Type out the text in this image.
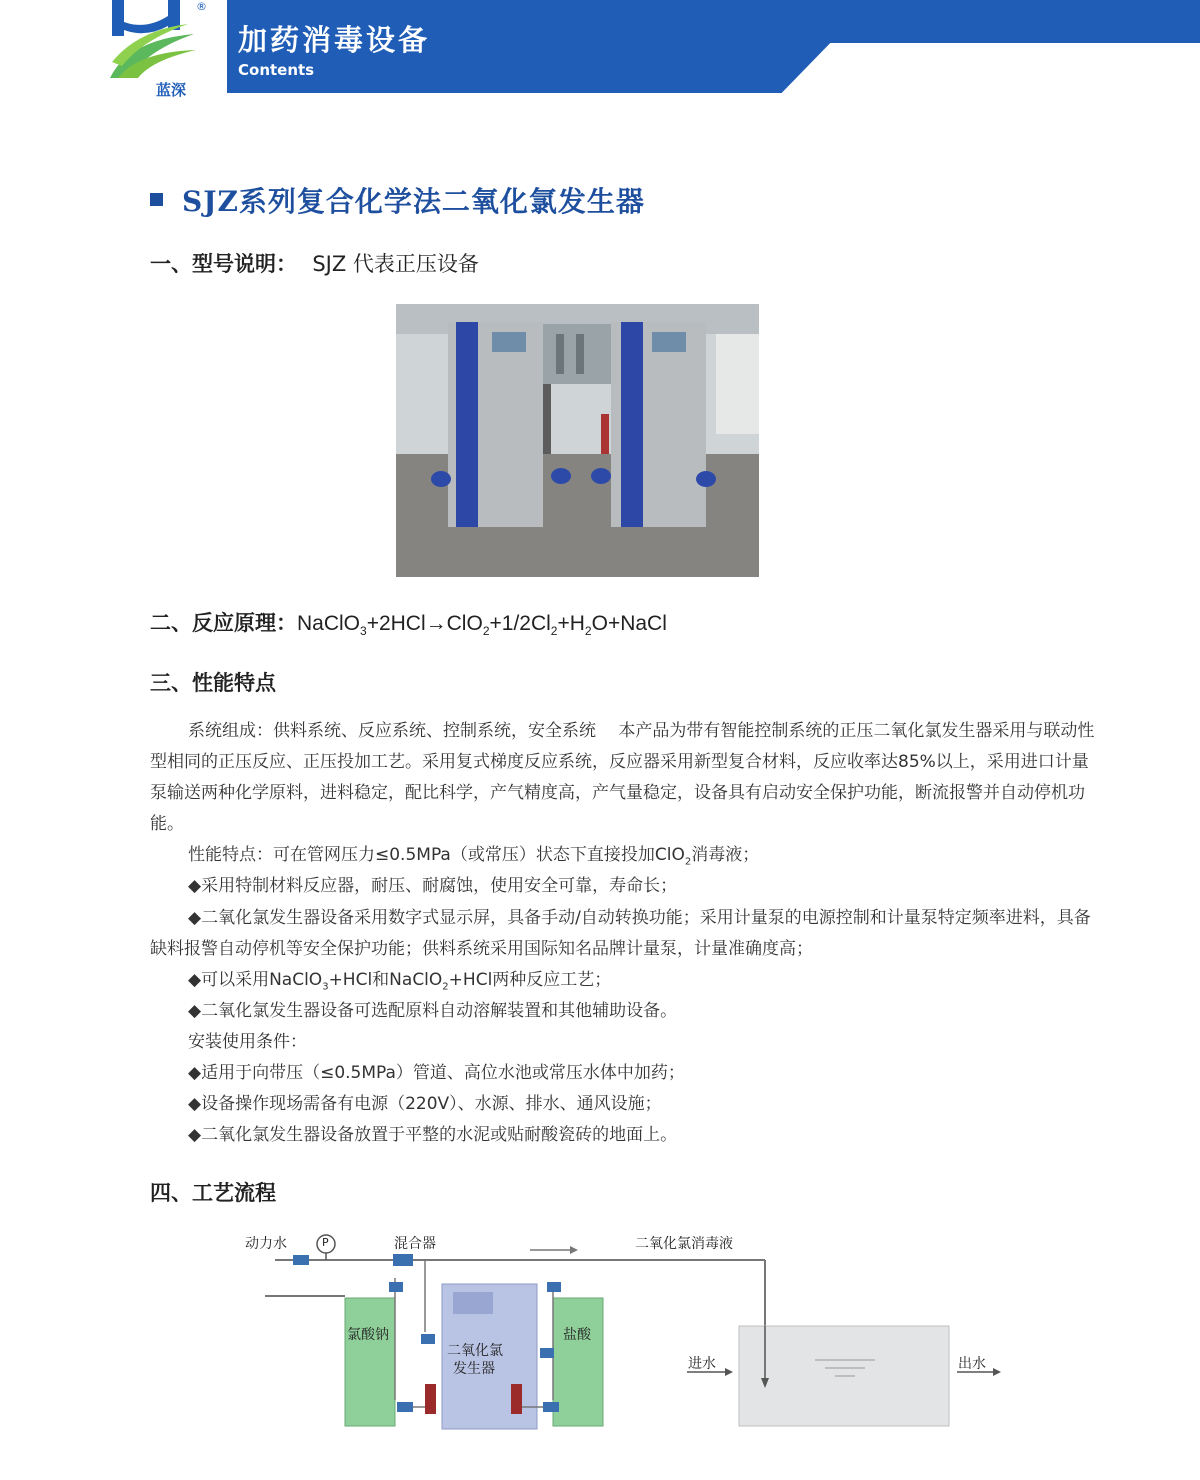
加药消毒设备
Contents
蓝深
®
SJZ系列复合化学法二氧化氯发生器
一、型号说明： SJZ 代表正压设备
二、反应原理：$NaClO_3+2HCl\to ClO_2+1/2Cl_2+H_2O+NaCl$
三、性能特点

系统组成：供料系统、反应系统、控制系统，安全系统　 本产品为带有智能控制系统的正压二氧化氯发生器采用与联动性型相同的正压反应、正压投加工艺。采用复式梯度反应系统，反应器采用新型复合材料，反应收率达85%以上，采用进口计量泵输送两种化学原料，进料稳定，配比科学，产气精度高，产气量稳定，设备具有启动安全保护功能，断流报警并自动停机功能。

性能特点：可在管网压力≤0.5MPa（或常压）状态下直接投加ClO$_2$消毒液；

◆采用特制材料反应器，耐压、耐腐蚀，使用安全可靠，寿命长；

◆二氧化氯发生器设备采用数字式显示屏，具备手动/自动转换功能；采用计量泵的电源控制和计量泵特定频率进料，具备缺料报警自动停机等安全保护功能；供料系统采用国际知名品牌计量泵，计量准确度高；

◆可以采用NaClO$_3$+HCl和NaClO$_2$+HCl两种反应工艺；

◆二氧化氯发生器设备可选配原料自动溶解装置和其他辅助设备。

安装使用条件：

◆适用于向带压（≤0.5MPa）管道、高位水池或常压水体中加药；

◆设备操作现场需备有电源（220V）、水源、排水、通风设施；

◆二氧化氯发生器设备放置于平整的水泥或贴耐酸瓷砖的地面上。

四、工艺流程
动力水	P	混合器	二氧化氯消毒液
氯酸钠
二氧化氯
发生器
盐酸
进水	出水
